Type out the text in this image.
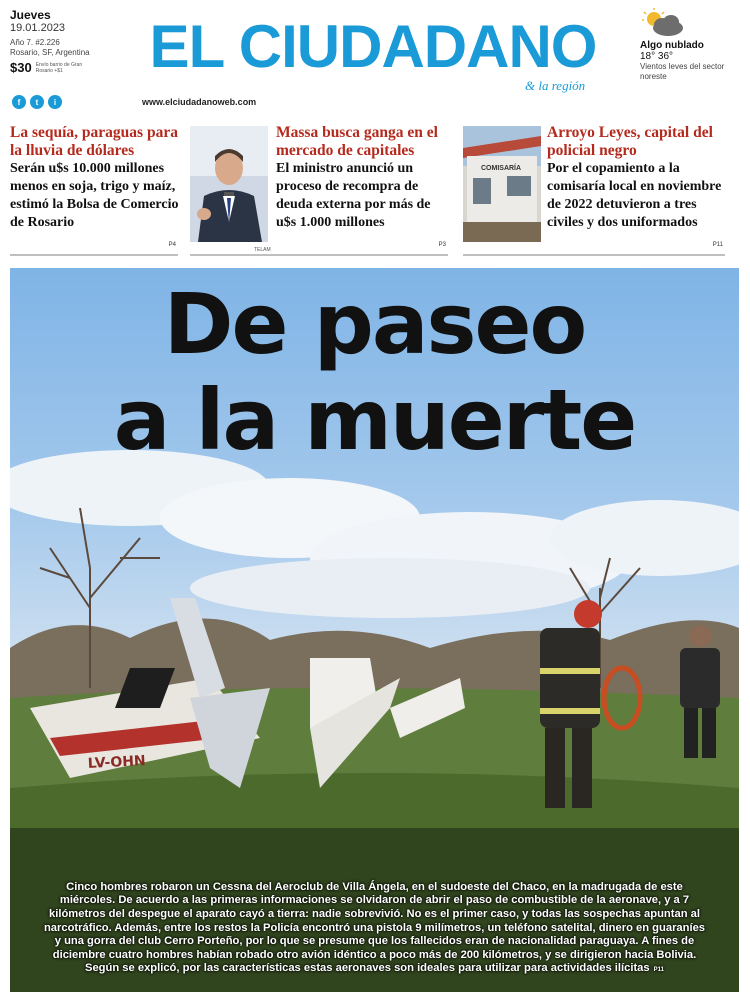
Jueves
19.01.2023
Año 7. #2.226
Rosario, SF, Argentina
$30 Envío barrio de Gran Rosario +$1
f	t	i
EL CIUDADANO
& la región
www.elciudadanoweb.com
Algo nublado
18° 36°
Vientos leves del sector noreste
La sequía, paraguas para la lluvia de dólares
Serán u$s 10.000 millones menos en soja, trigo y maíz, estimó la Bolsa de Comercio de Rosario
P4
Massa busca ganga en el mercado de capitales
El ministro anunció un proceso de recompra de deuda externa por más de u$s 1.000 millones
P3
COMISARÍA
Arroyo Leyes, capital del policial negro
Por el copamiento a la comisaría local en noviembre de 2022 detuvieron a tres civiles y dos uniformados
P11
TELAM
LV-OHN
De paseo
a la muerte
Cinco hombres robaron un Cessna del Aeroclub de Villa Ángela, en el sudoeste del Chaco, en la madrugada de este miércoles. De acuerdo a las primeras informaciones se olvidaron de abrir el paso de combustible de la aeronave, y a 7 kilómetros del despegue el aparato cayó a tierra: nadie sobrevivió. No es el primer caso, y todas las sospechas apuntan al narcotráfico. Además, entre los restos la Policía encontró una pistola 9 milímetros, un teléfono satelital, dinero en guaraníes y una gorra del club Cerro Porteño, por lo que se presume que los fallecidos eran de nacionalidad paraguaya. A fines de diciembre cuatro hombres habían robado otro avión idéntico a poco más de 200 kilómetros, y se dirigieron hacia Bolivia. Según se explicó, por las características estas aeronaves son ideales para utilizar para actividades ilícitas P11
